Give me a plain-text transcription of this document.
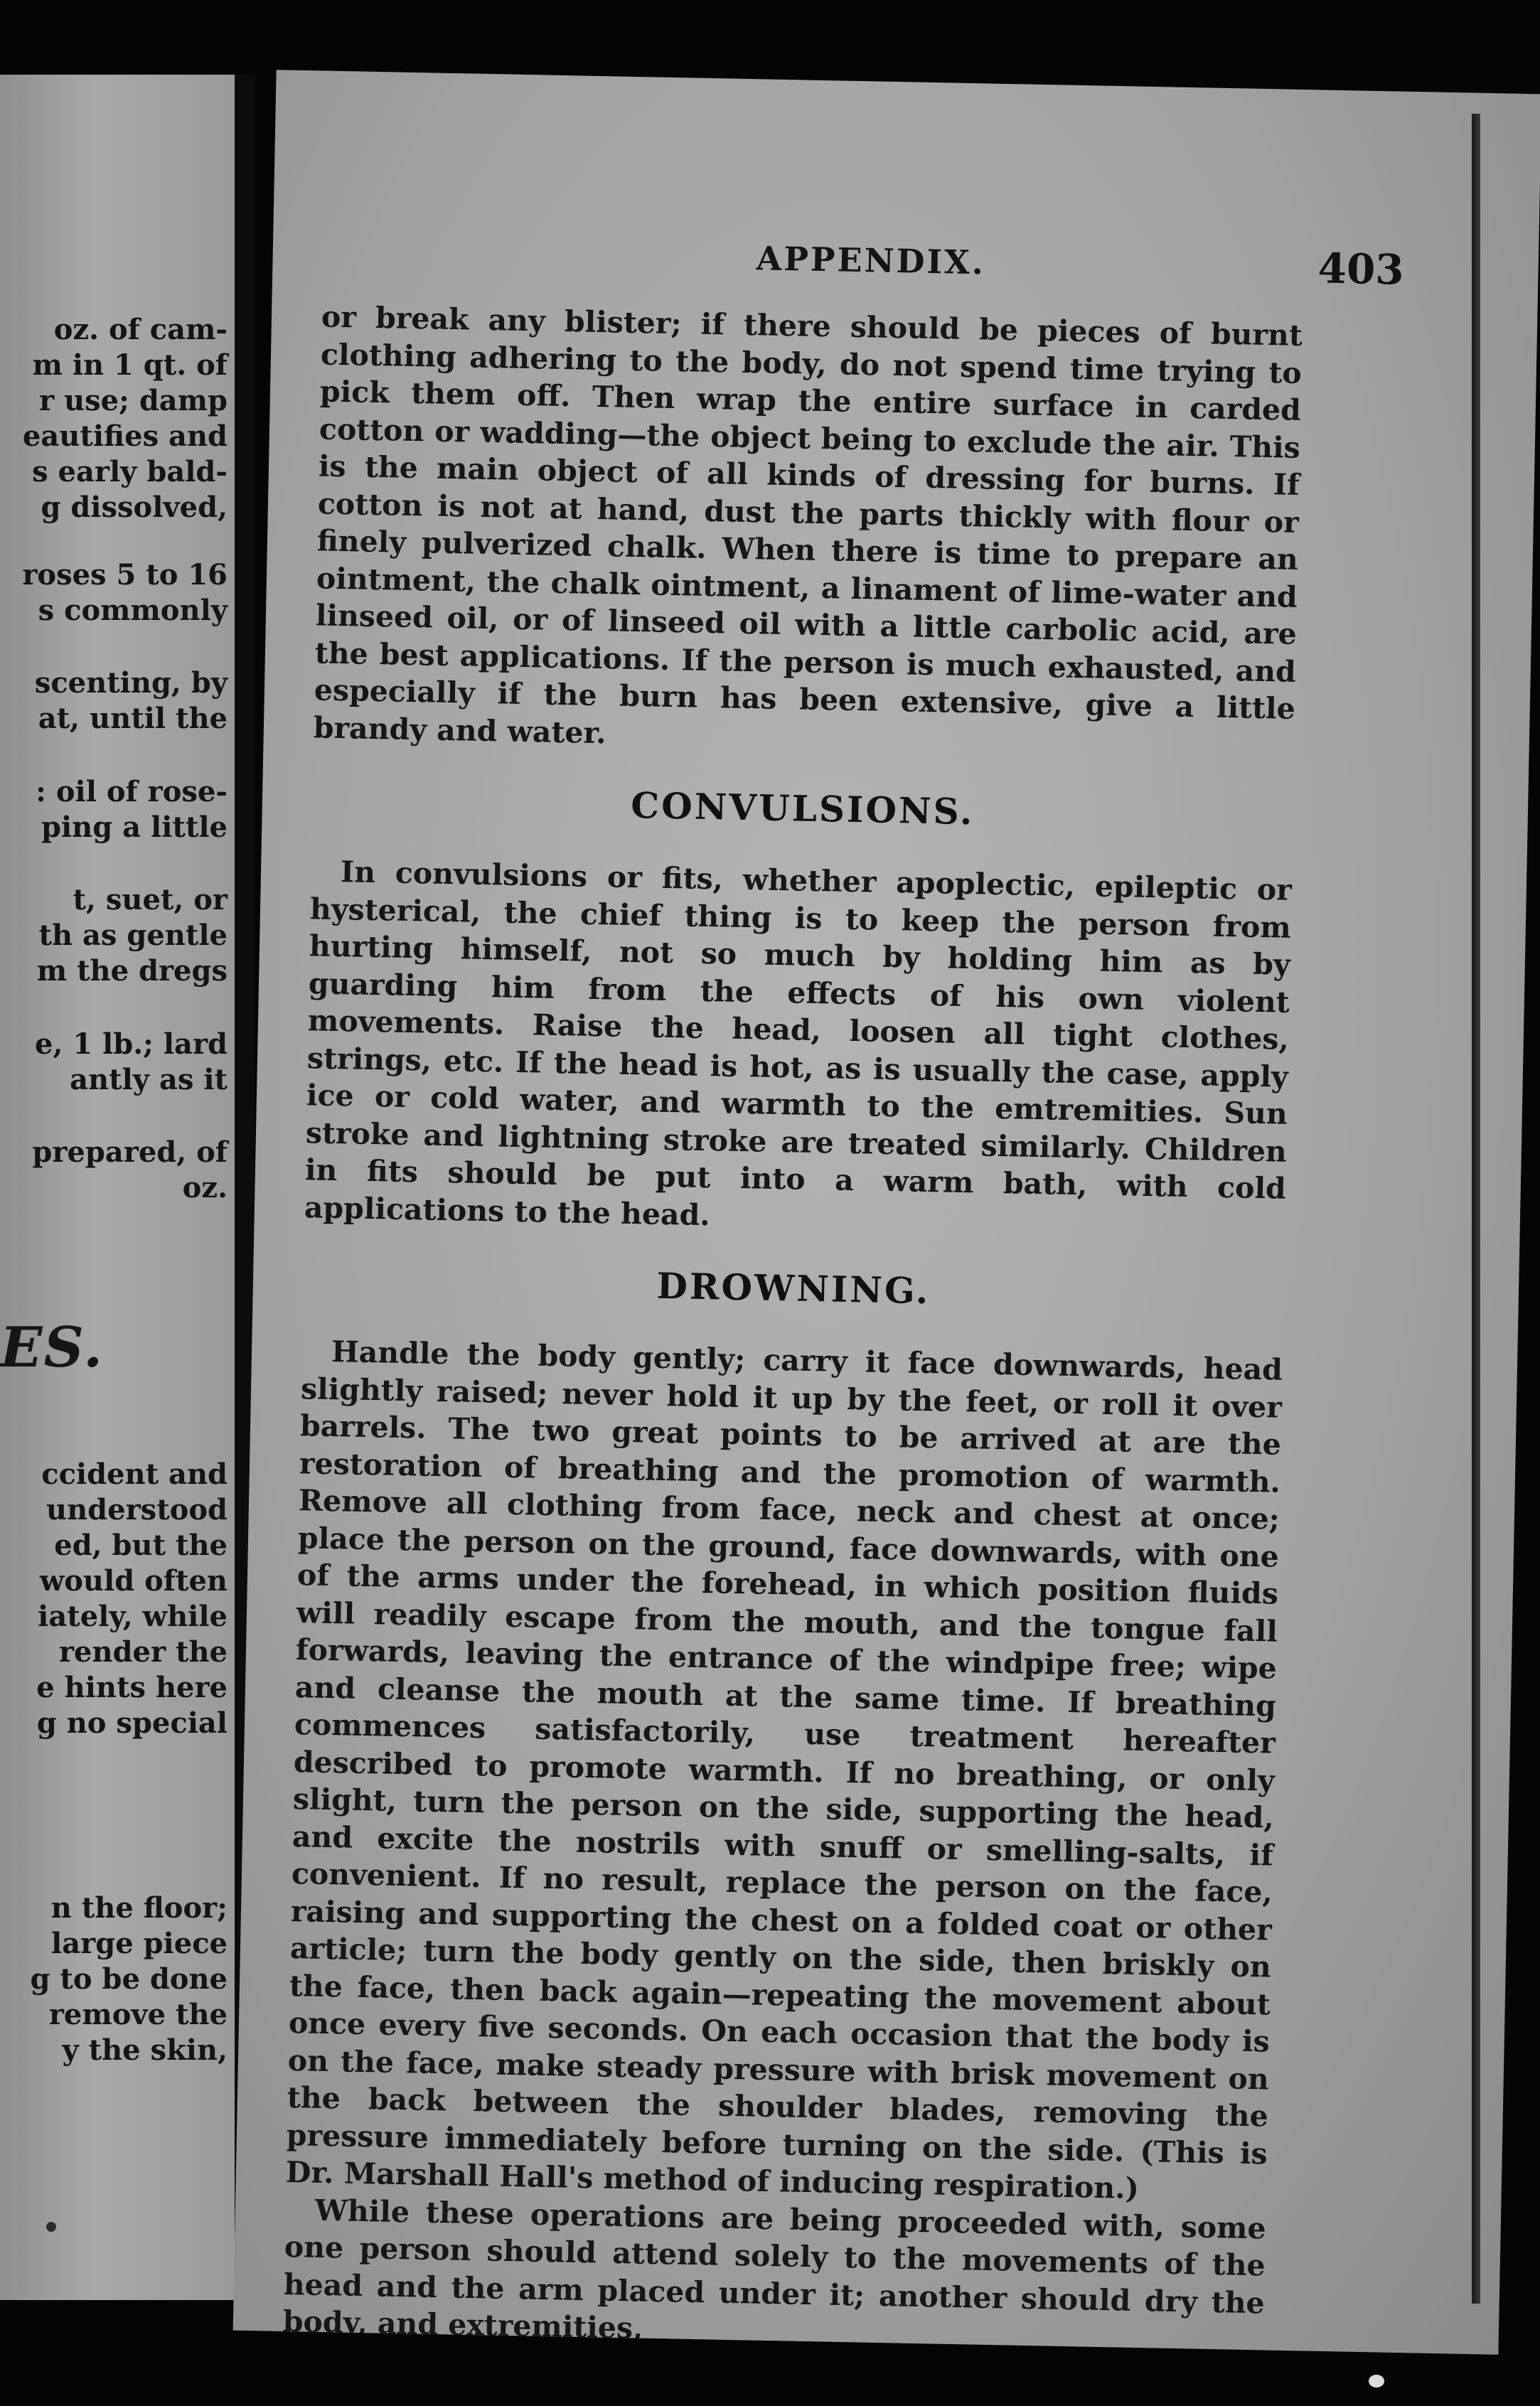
oz. of cam-

m in 1 qt. of

r use; damp

eautifies and

s early bald-

g dissolved,

roses 5 to 16

s commonly

scenting, by

at, until the

: oil of rose-

ping a little

t, suet, or

th as gentle

m the dregs

e, 1 lb.; lard

antly as it

prepared, of

oz.

ES.

ccident and

understood

ed, but the

would often

iately, while

render the

e hints here

g no special

n the floor;

large piece

g to be done

remove the

y the skin,

APPENDIX.	403

or break any blister; if there should be pieces of burnt clothing adhering to the body, do not spend time trying to pick them off. Then wrap the entire surface in carded cotton or wadding—the object being to exclude the air. This is the main object of all kinds of dressing for burns. If cotton is not at hand, dust the parts thickly with flour or finely pulverized chalk. When there is time to prepare an ointment, the chalk ointment, a linament of lime-water and linseed oil, or of linseed oil with a little carbolic acid, are the best applications. If the person is much exhausted, and especially if the burn has been extensive, give a little brandy and water.

CONVULSIONS.

In convulsions or fits, whether apoplectic, epileptic or hysterical, the chief thing is to keep the person from hurting himself, not so much by holding him as by guarding him from the effects of his own violent movements. Raise the head, loosen all tight clothes, strings, etc. If the head is hot, as is usually the case, apply ice or cold water, and warmth to the emtremities. Sun stroke and lightning stroke are treated similarly. Children in fits should be put into a warm bath, with cold applications to the head.

DROWNING.

Handle the body gently; carry it face downwards, head slightly raised; never hold it up by the feet, or roll it over barrels. The two great points to be arrived at are the restoration of breathing and the promotion of warmth. Remove all clothing from face, neck and chest at once; place the person on the ground, face downwards, with one of the arms under the forehead, in which position fluids will readily escape from the mouth, and the tongue fall forwards, leaving the entrance of the windpipe free; wipe and cleanse the mouth at the same time. If breathing commences satisfactorily, use treatment hereafter described to promote warmth. If no breathing, or only slight, turn the person on the side, supporting the head, and excite the nostrils with snuff or smelling-salts, if convenient. If no result, replace the person on the face, raising and supporting the chest on a folded coat or other article; turn the body gently on the side, then briskly on the face, then back again—repeating the movement about once every five seconds. On each occasion that the body is on the face, make steady pressure with brisk movement on the back between the shoulder blades, removing the pressure immediately before turning on the side. (This is Dr. Marshall Hall's method of inducing respiration.)

While these operations are being proceeded with, some one person should attend solely to the movements of the head and the arm placed under it; another should dry the body, and extremities,
